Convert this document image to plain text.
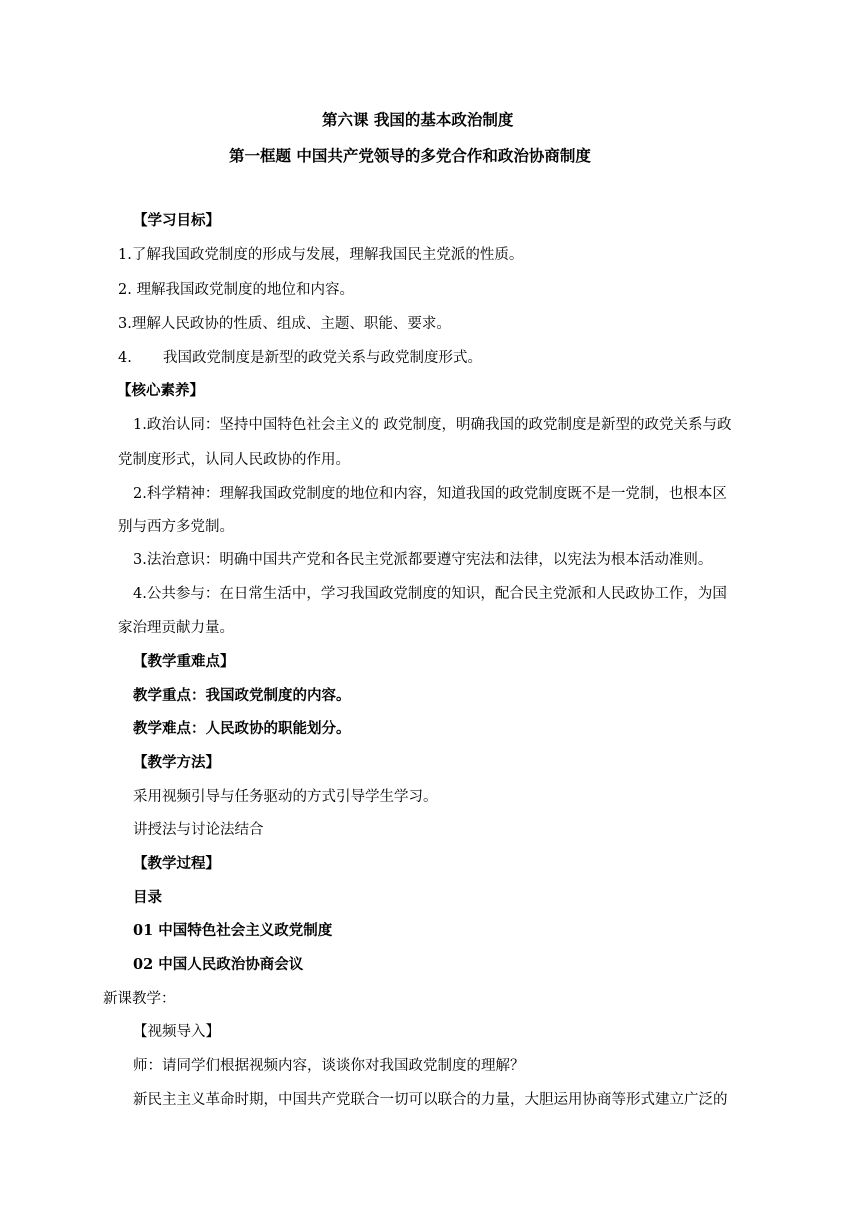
第六课 我国的基本政治制度
第一框题 中国共产党领导的多党合作和政治协商制度
【学习目标】
1.了解我国政党制度的形成与发展，理解我国民主党派的性质。
2. 理解我国政党制度的地位和内容。
3.理解人民政协的性质、组成、主题、职能、要求。
4. 我国政党制度是新型的政党关系与政党制度形式。
【核心素养】
1.政治认同：坚持中国特色社会主义的 政党制度，明确我国的政党制度是新型的政党关系与政
党制度形式，认同人民政协的作用。
2.科学精神：理解我国政党制度的地位和内容，知道我国的政党制度既不是一党制，也根本区
别与西方多党制。
3.法治意识：明确中国共产党和各民主党派都要遵守宪法和法律，以宪法为根本活动准则。
4.公共参与：在日常生活中，学习我国政党制度的知识，配合民主党派和人民政协工作，为国
家治理贡献力量。
【教学重难点】
教学重点：我国政党制度的内容。
教学难点：人民政协的职能划分。
【教学方法】
采用视频引导与任务驱动的方式引导学生学习。
讲授法与讨论法结合
【教学过程】
目录
01 中国特色社会主义政党制度
02 中国人民政治协商会议
新课教学：
【视频导入】
师：请同学们根据视频内容，谈谈你对我国政党制度的理解？
新民主主义革命时期，中国共产党联合一切可以联合的力量，大胆运用协商等形式建立广泛的
